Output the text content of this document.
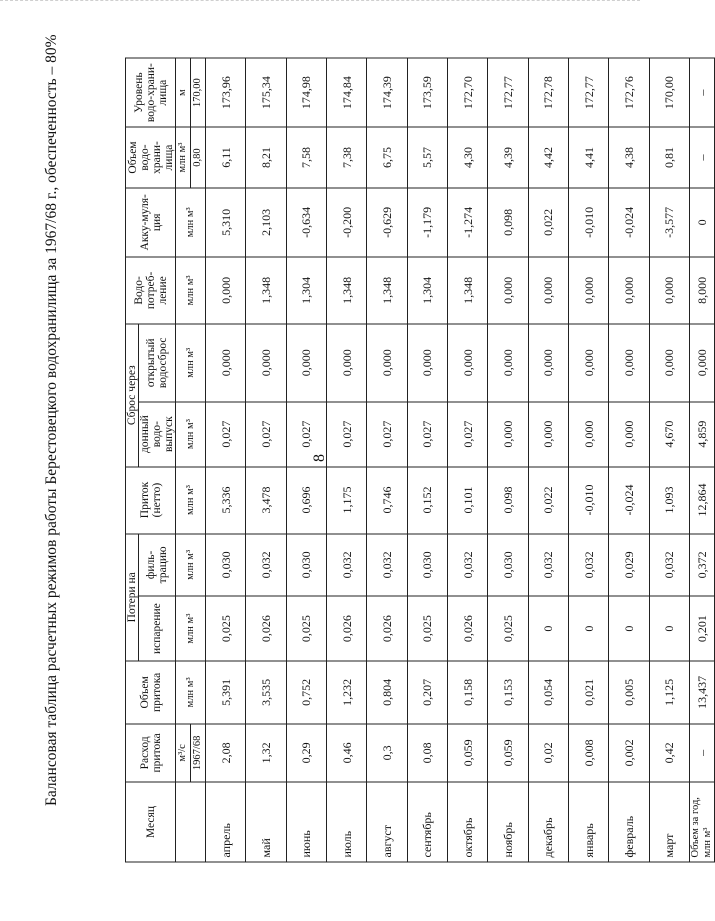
8
Балансовая таблица расчетных режимов работы Берестовецкого водохранилища за 1967/68 г., обеспеченность – 80%
Месяц	Расход притока	Объем притока	Потери на		Приток (нетто)	Сброс через		Водо-потреб-ление	Акку-муля-ция	Объем водо-храни-лища	Уровень водо-храни-лища
			испарение	филь-трацию		донный водо-выпуск	открытый водосброс				
	м³/с	млн м³	млн м³	млн м³	млн м³	млн м³	млн м³	млн м³	млн м³	млн м³	м
	1967/68									0,80	170,00
апрель	2,08	5,391	0,025	0,030	5,336	0,027	0,000	0,000	5,310	6,11	173,96
май	1,32	3,535	0,026	0,032	3,478	0,027	0,000	1,348	2,103	8,21	175,34
июнь	0,29	0,752	0,025	0,030	0,696	0,027	0,000	1,304	-0,634	7,58	174,98
июль	0,46	1,232	0,026	0,032	1,175	0,027	0,000	1,348	-0,200	7,38	174,84
август	0,3	0,804	0,026	0,032	0,746	0,027	0,000	1,348	-0,629	6,75	174,39
сентябрь	0,08	0,207	0,025	0,030	0,152	0,027	0,000	1,304	-1,179	5,57	173,59
октябрь	0,059	0,158	0,026	0,032	0,101	0,027	0,000	1,348	-1,274	4,30	172,70
ноябрь	0,059	0,153	0,025	0,030	0,098	0,000	0,000	0,000	0,098	4,39	172,77
декабрь	0,02	0,054	0	0,032	0,022	0,000	0,000	0,000	0,022	4,42	172,78
январь	0,008	0,021	0	0,032	-0,010	0,000	0,000	0,000	-0,010	4,41	172,77
февраль	0,002	0,005	0	0,029	-0,024	0,000	0,000	0,000	-0,024	4,38	172,76
март	0,42	1,125	0	0,032	1,093	4,670	0,000	0,000	-3,577	0,81	170,00
Объем за год, млн м³	–	13,437	0,201	0,372	12,864	4,859	0,000	8,000	0	–	–
